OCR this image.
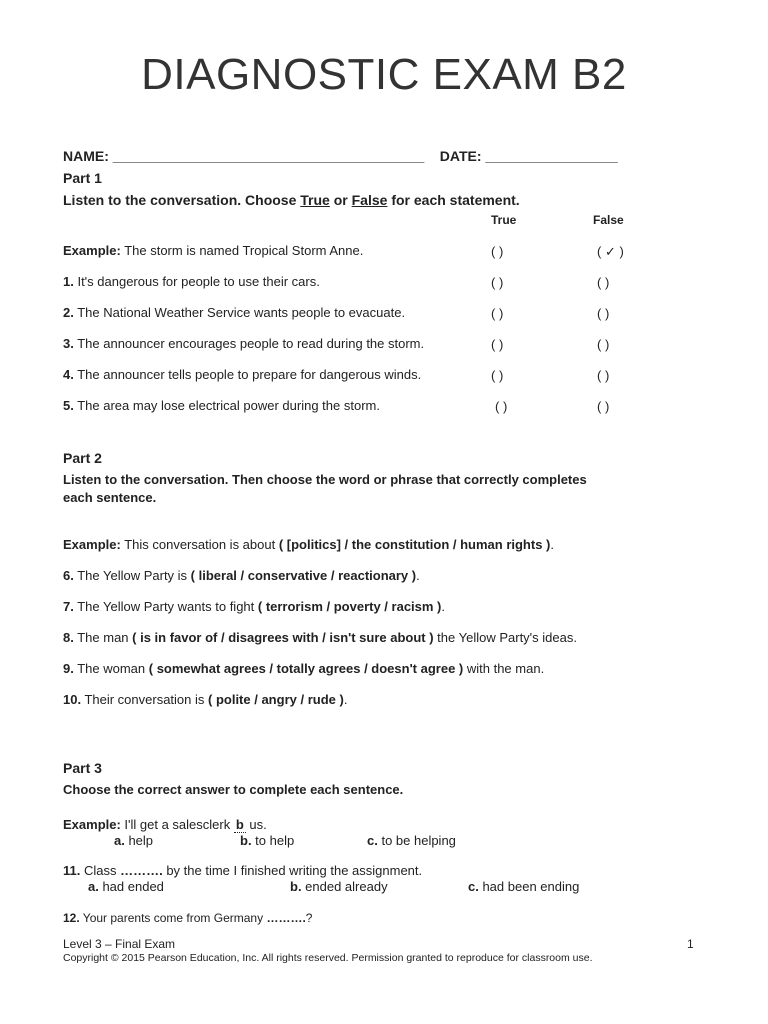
DIAGNOSTIC EXAM B2
NAME: ________________________________________ DATE: _________________
Part 1
Listen to the conversation. Choose True or False for each statement.
True	False
Example: The storm is named Tropical Storm Anne.	( )	( ✓ )
1. It's dangerous for people to use their cars.	( )	( )
2. The National Weather Service wants people to evacuate.	( )	( )
3. The announcer encourages people to read during the storm.	( )	( )
4. The announcer tells people to prepare for dangerous winds.	( )	( )
5. The area may lose electrical power during the storm.	( )	( )
Part 2
Listen to the conversation. Then choose the word or phrase that correctly completes
each sentence.
Example: This conversation is about ( [politics] / the constitution / human rights ).
6. The Yellow Party is ( liberal / conservative / reactionary ).
7. The Yellow Party wants to fight ( terrorism / poverty / racism ).
8. The man ( is in favor of / disagrees with / isn't sure about ) the Yellow Party's ideas.
9. The woman ( somewhat agrees / totally agrees / doesn't agree ) with the man.
10. Their conversation is ( polite / angry / rude ).
Part 3
Choose the correct answer to complete each sentence.
Example: I'll get a salesclerk b us.
a. help	b. to help	c. to be helping
11. Class ………. by the time I finished writing the assignment.
a. had ended	b. ended already	c. had been ending
12. Your parents come from Germany ……….?
Level 3 – Final Exam	1
Copyright © 2015 Pearson Education, Inc. All rights reserved. Permission granted to reproduce for classroom use.
